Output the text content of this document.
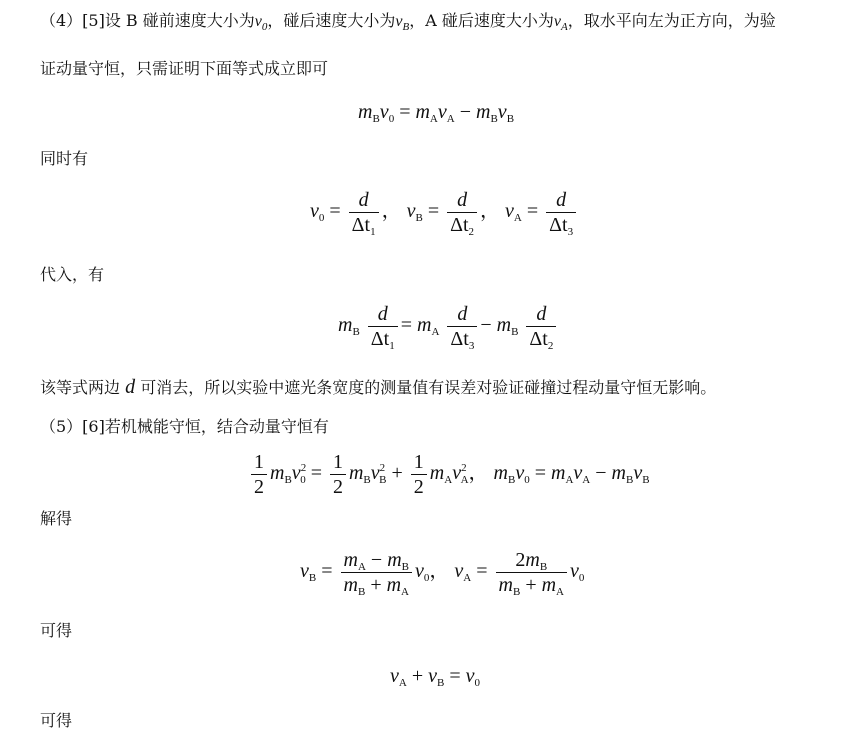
（4）[5]设 B 碰前速度大小为$v_0$，碰后速度大小为$v_B$，A 碰后速度大小为$v_A$，取水平向左为正方向，为验
证动量守恒，只需证明下面等式成立即可
$m_Bv_0 = m_Av_A - m_Bv_B$
同时有
$v_0 = \frac{d}{\Delta t_1}$ ， $v_B = \frac{d}{\Delta t_2}$ ， $v_A = \frac{d}{\Delta t_3}$
代入，有
$m_B \frac{d}{\Delta t_1} = m_A \frac{d}{\Delta t_3} - m_B \frac{d}{\Delta t_2}$
该等式两边 d 可消去，所以实验中遮光条宽度的测量值有误差对验证碰撞过程动量守恒无影响。
（5）[6]若机械能守恒，结合动量守恒有
$\frac{1}{2} m_Bv^2_0 = \frac{1}{2} m_Bv^2_B + \frac{1}{2} m_Av^2_A$， $m_Bv_0 = m_Av_A - m_Bv_B$
解得
$v_B = \frac{m_A - m_B}{m_B + m_A} v_0$， $v_A = \frac{2m_B}{m_B + m_A} v_0$
可得
$v_A + v_B = v_0$
可得
